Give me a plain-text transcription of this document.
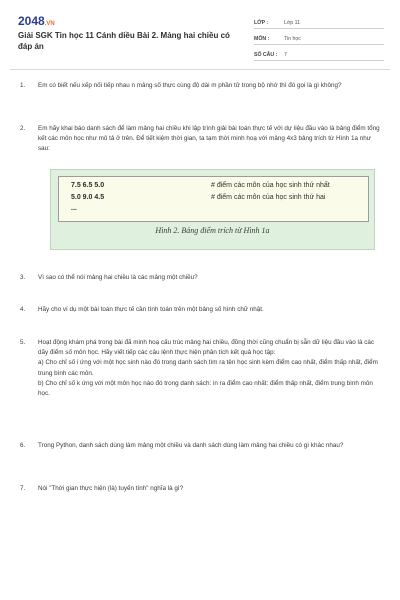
2048.VN
Giải SGK Tin học 11 Cánh diều Bài 2. Mảng hai chiều có đáp án
LỚP :	Lớp 11
MÔN :	Tin học
SỐ CÂU :	7
1.	Em có biết nếu xếp nối tiếp nhau n mảng số thực cùng độ dài m phần tử trong bộ nhớ thì đó gọi là gì không?
2.	Em hãy khai báo danh sách để làm mảng hai chiều khi lập trình giải bài toán thực tế với dự liệu đầu vào là bảng điểm tổng kết các môn học như mô tả ở trên. Để tiết kiệm thời gian, ta tạm thời minh hoạ với mảng 4x3 bảng trích từ Hình 1a như sau:
7.5 6.5 5.0	# điểm các môn của học sinh thứ nhất
5.0 9.0 4.5	# điểm các môn của học sinh thứ hai
...
Hình 2. Bảng điểm trích từ Hình 1a
3.	Vì sao có thể nói mảng hai chiều là các mảng một chiều?
4.	Hãy cho ví dụ một bài toán thực tế cần tính toán trên một bảng số hình chữ nhật.
5.	Hoạt động khám phá trong bài đã minh hoạ cấu trúc mảng hai chiều, đồng thời cũng chuẩn bị sẵn dữ liệu đầu vào là các dãy điểm số môn học. Hãy viết tiếp các câu lệnh thực hiện phân tích kết quả học tập:

a) Cho chỉ số i ứng với một học sinh nào đó trong danh sách tìm ra tên học sinh kèm điểm cao nhất, điểm thấp nhất, điểm trung bình các môn.

b) Cho chỉ số k ứng với một môn học nào đó trong danh sách: in ra điểm cao nhất: điểm thấp nhất, điểm trung bình môn học.

6.	Trong Python, danh sách dùng làm mảng một chiều và danh sách dùng làm mảng hai chiều có gì khác nhau?
7.	Nói "Thời gian thực hiện (là) tuyến tính" nghĩa là gì?
